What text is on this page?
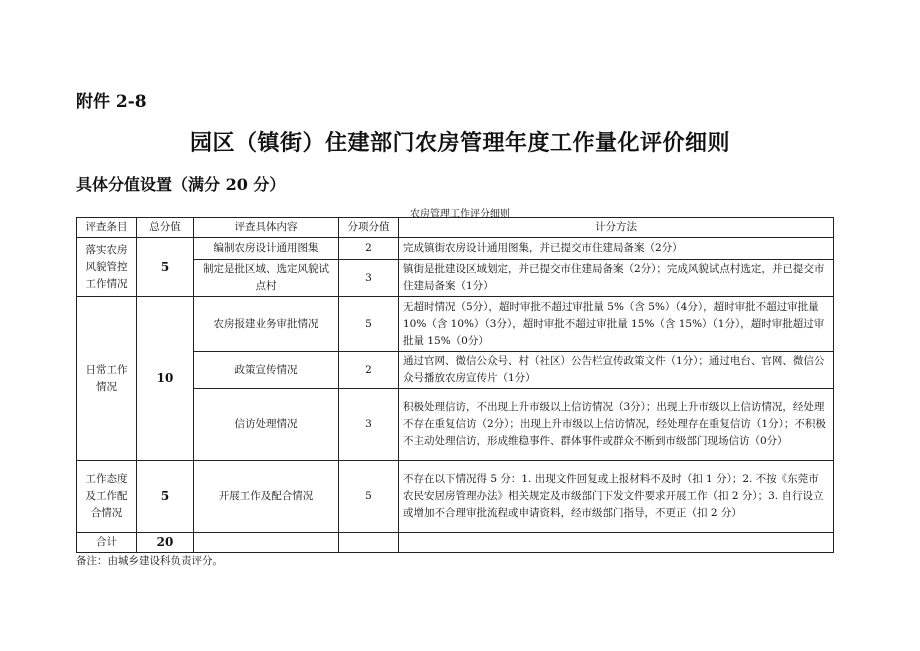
附件 2-8
园区（镇街）住建部门农房管理年度工作量化评价细则
具体分值设置（满分 20 分）
农房管理工作评分细则
评查条目	总分值	评查具体内容	分项分值	计分方法
落实农房风貌管控工作情况	5	编制农房设计通用图集	2	完成镇街农房设计通用图集，并已提交市住建局备案（2分）
		制定是批区域、选定风貌试点村	3	镇街是批建设区域划定，并已提交市住建局备案（2分）；完成风貌试点村选定，并已提交市住建局备案（1分）
日常工作情况	10	农房报建业务审批情况	5	无超时情况（5分），超时审批不超过审批量 5%（含 5%）（4分），超时审批不超过审批量 10%（含 10%）（3分），超时审批不超过审批量 15%（含 15%）（1分），超时审批超过审批量 15%（0分）
		政策宣传情况	2	通过官网、微信公众号、村（社区）公告栏宣传政策文件（1分）；通过电台、官网、微信公众号播放农房宣传片（1分）
		信访处理情况	3	积极处理信访，不出现上升市级以上信访情况（3分）；出现上升市级以上信访情况，经处理不存在重复信访（2分）；出现上升市级以上信访情况，经处理存在重复信访（1分）；不积极不主动处理信访，形成维稳事件、群体事件或群众不断到市级部门现场信访（0分）
工作态度及工作配合情况	5	开展工作及配合情况	5	不存在以下情况得 5 分：1. 出现文件回复或上报材料不及时（扣 1 分）；2. 不按《东莞市农民安居房管理办法》相关规定及市级部门下发文件要求开展工作（扣 2 分）；3. 自行设立或增加不合理审批流程或申请资料，经市级部门指导，不更正（扣 2 分）
合计	20			
备注：由城乡建设科负责评分。
